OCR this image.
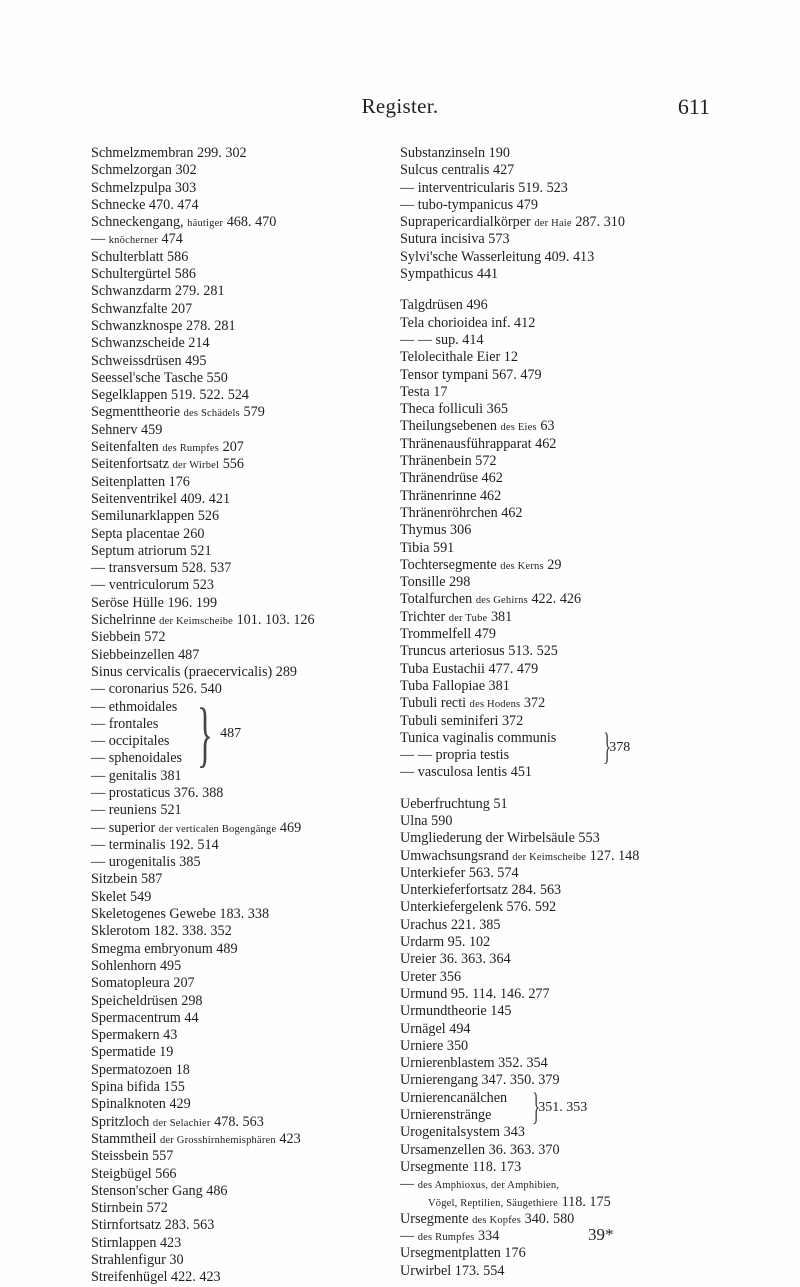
Register.	611
Schmelzmembran 299. 302
Schmelzorgan 302
Schmelzpulpa 303
Schnecke 470. 474
Schneckengang, häutiger 468. 470
— knöcherner 474
Schulterblatt 586
Schultergürtel 586
Schwanzdarm 279. 281
Schwanzfalte 207
Schwanzknospe 278. 281
Schwanzscheide 214
Schweissdrüsen 495
Seessel'sche Tasche 550
Segelklappen 519. 522. 524
Segmenttheorie des Schädels 579
Sehnerv 459
Seitenfalten des Rumpfes 207
Seitenfortsatz der Wirbel 556
Seitenplatten 176
Seitenventrikel 409. 421
Semilunarklappen 526
Septa placentae 260
Septum atriorum 521
— transversum 528. 537
— ventriculorum 523
Seröse Hülle 196. 199
Sichelrinne der Keimscheibe 101. 103. 126
Siebbein 572
Siebbeinzellen 487
Sinus cervicalis (praecervicalis) 289
— coronarius 526. 540
— ethmoidales
— frontales
— occipitales
— sphenoidales
— genitalis 381
— prostaticus 376. 388
— reuniens 521
— superior der verticalen Bogengänge 469
— terminalis 192. 514
— urogenitalis 385
Sitzbein 587
Skelet 549
Skeletogenes Gewebe 183. 338
Sklerotom 182. 338. 352
Smegma embryonum 489
Sohlenhorn 495
Somatopleura 207
Speicheldrüsen 298
Spermacentrum 44
Spermakern 43
Spermatide 19
Spermatozoen 18
Spina bifida 155
Spinalknoten 429
Spritzloch der Selachier 478. 563
Stammtheil der Grosshirnhemisphären 423
Steissbein 557
Steigbügel 566
Stenson'scher Gang 486
Stirnbein 572
Stirnfortsatz 283. 563
Stirnlappen 423
Strahlenfigur 30
Streifenhügel 422. 423
} 487
Substanzinseln 190
Sulcus centralis 427
— interventricularis 519. 523
— tubo-tympanicus 479
Suprapericardialkörper der Haie 287. 310
Sutura incisiva 573
Sylvi'sche Wasserleitung 409. 413
Sympathicus 441
Talgdrüsen 496
Tela chorioidea inf. 412
— — sup. 414
Telolecithale Eier 12
Tensor tympani 567. 479
Testa 17
Theca folliculi 365
Theilungsebenen des Eies 63
Thränenausführapparat 462
Thränenbein 572
Thränendrüse 462
Thränenrinne 462
Thränenröhrchen 462
Thymus 306
Tibia 591
Tochtersegmente des Kerns 29
Tonsille 298
Totalfurchen des Gehirns 422. 426
Trichter der Tube 381
Trommelfell 479
Truncus arteriosus 513. 525
Tuba Eustachii 477. 479
Tuba Fallopiae 381
Tubuli recti des Hodens 372
Tubuli seminiferi 372
Tunica vaginalis communis
— — propria testis
— vasculosa lentis 451
}
378
Ueberfruchtung 51
Ulna 590
Umgliederung der Wirbelsäule 553
Umwachsungsrand der Keimscheibe 127. 148
Unterkiefer 563. 574
Unterkieferfortsatz 284. 563
Unterkiefergelenk 576. 592
Urachus 221. 385
Urdarm 95. 102
Ureier 36. 363. 364
Ureter 356
Urmund 95. 114. 146. 277
Urmundtheorie 145
Urnägel 494
Urniere 350
Urnierenblastem 352. 354
Urnierengang 347. 350. 379
Urnierencanälchen
Urnierenstränge
Urogenitalsystem 343
Ursamenzellen 36. 363. 370
Ursegmente 118. 173
— des Amphioxus, der Amphibien,
Vögel, Reptilien, Säugethiere 118. 175
Ursegmente des Kopfes 340. 580
— des Rumpfes 334
Ursegmentplatten 176
Urwirbel 173. 554
}
351. 353
39*
